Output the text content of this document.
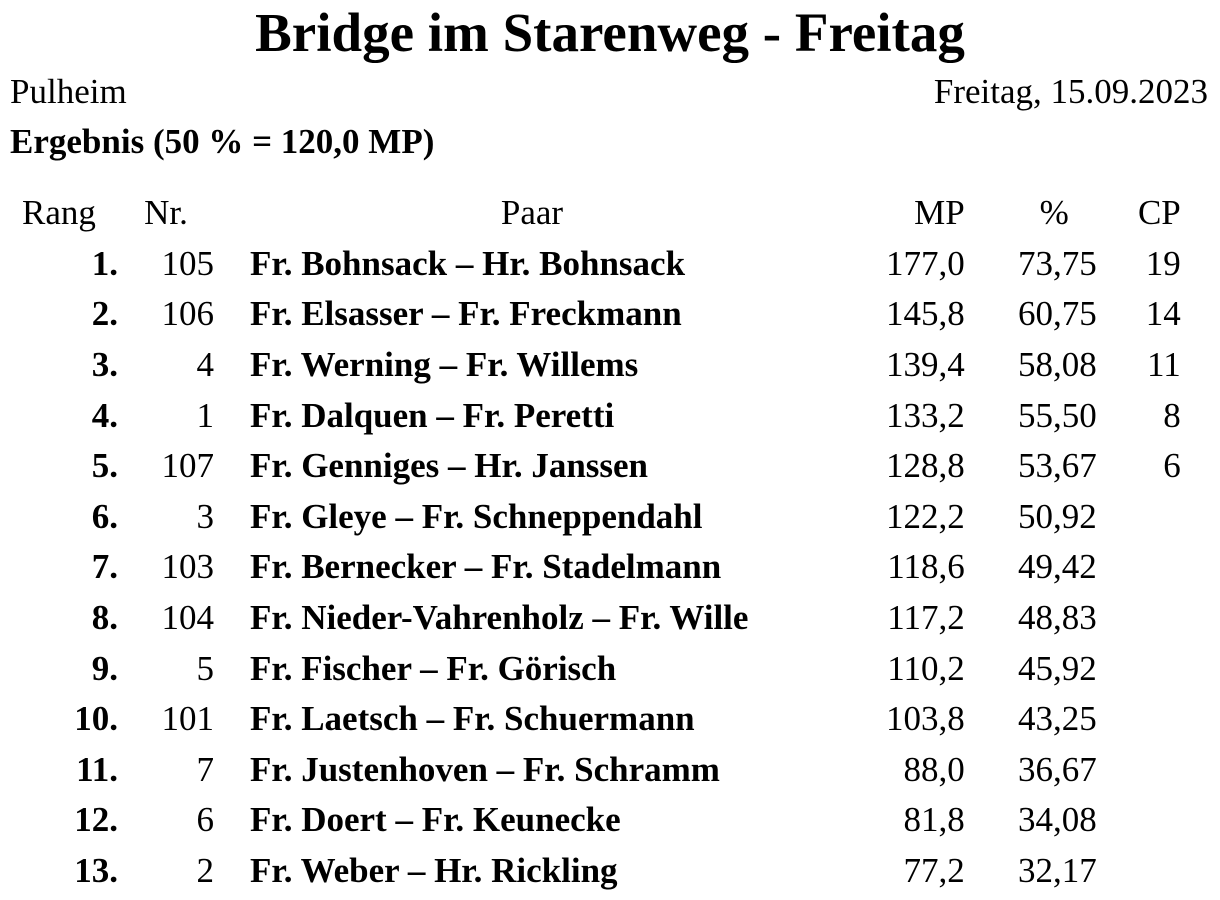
Bridge im Starenweg - Freitag
Pulheim	Freitag, 15.09.2023
Ergebnis (50 % = 120,0 MP)
Rang	Nr.	Paar	MP	%	CP
1.	105	Fr. Bohnsack – Hr. Bohnsack	177,0	73,75	19
2.	106	Fr. Elsasser – Fr. Freckmann	145,8	60,75	14
3.	4	Fr. Werning – Fr. Willems	139,4	58,08	11
4.	1	Fr. Dalquen – Fr. Peretti	133,2	55,50	8
5.	107	Fr. Genniges – Hr. Janssen	128,8	53,67	6
6.	3	Fr. Gleye – Fr. Schneppendahl	122,2	50,92	
7.	103	Fr. Bernecker – Fr. Stadelmann	118,6	49,42	
8.	104	Fr. Nieder-Vahrenholz – Fr. Wille	117,2	48,83	
9.	5	Fr. Fischer – Fr. Görisch	110,2	45,92	
10.	101	Fr. Laetsch – Fr. Schuermann	103,8	43,25	
11.	7	Fr. Justenhoven – Fr. Schramm	88,0	36,67	
12.	6	Fr. Doert – Fr. Keunecke	81,8	34,08	
13.	2	Fr. Weber – Hr. Rickling	77,2	32,17	
